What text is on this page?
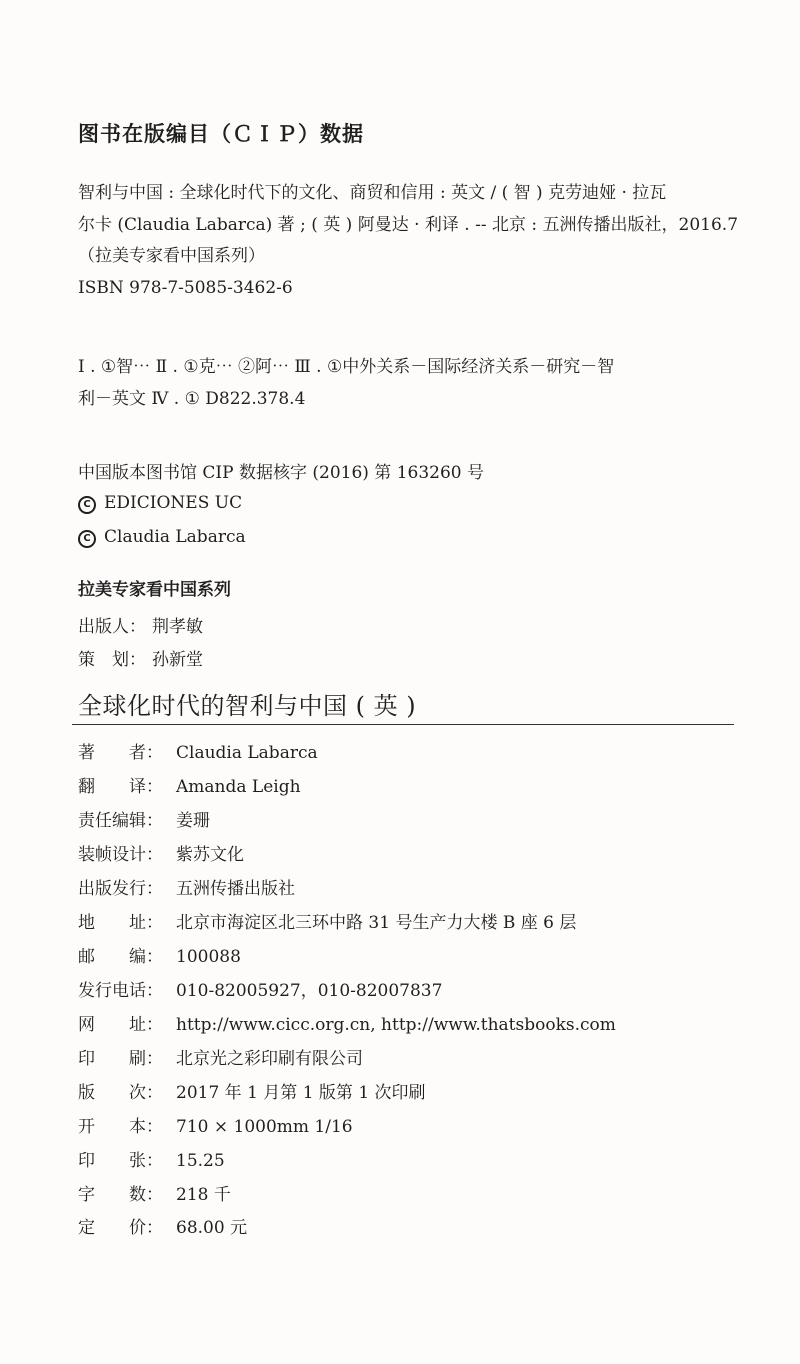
图书在版编目（ＣＩＰ）数据

智利与中国 : 全球化时代下的文化、商贸和信用 : 英文 / ( 智 ) 克劳迪娅 · 拉瓦

尔卡 (Claudia Labarca) 著 ; ( 英 ) 阿曼达 · 利译 . -- 北京 : 五洲传播出版社，2016.7

（拉美专家看中国系列）

ISBN 978-7-5085-3462-6

Ⅰ . ①智⋯ Ⅱ . ①克⋯ ②阿⋯ Ⅲ . ①中外关系－国际经济关系－研究－智

利－英文 Ⅳ . ① D822.378.4

中国版本图书馆 CIP 数据核字 (2016) 第 163260 号
C EDICIONES UC
C Claudia Labarca
拉美专家看中国系列
出版人： 荆孝敏
策　划： 孙新堂
全球化时代的智利与中国 ( 英 )
著　　者： Claudia Labarca
翻　　译： Amanda Leigh
责任编辑： 姜珊
装帧设计： 紫苏文化
出版发行： 五洲传播出版社
地　　址： 北京市海淀区北三环中路 31 号生产力大楼 B 座 6 层
邮　　编： 100088
发行电话： 010-82005927，010-82007837
网　　址： http://www.cicc.org.cn, http://www.thatsbooks.com
印　　刷： 北京光之彩印刷有限公司
版　　次： 2017 年 1 月第 1 版第 1 次印刷
开　　本： 710 × 1000mm 1/16
印　　张： 15.25
字　　数： 218 千
定　　价： 68.00 元
